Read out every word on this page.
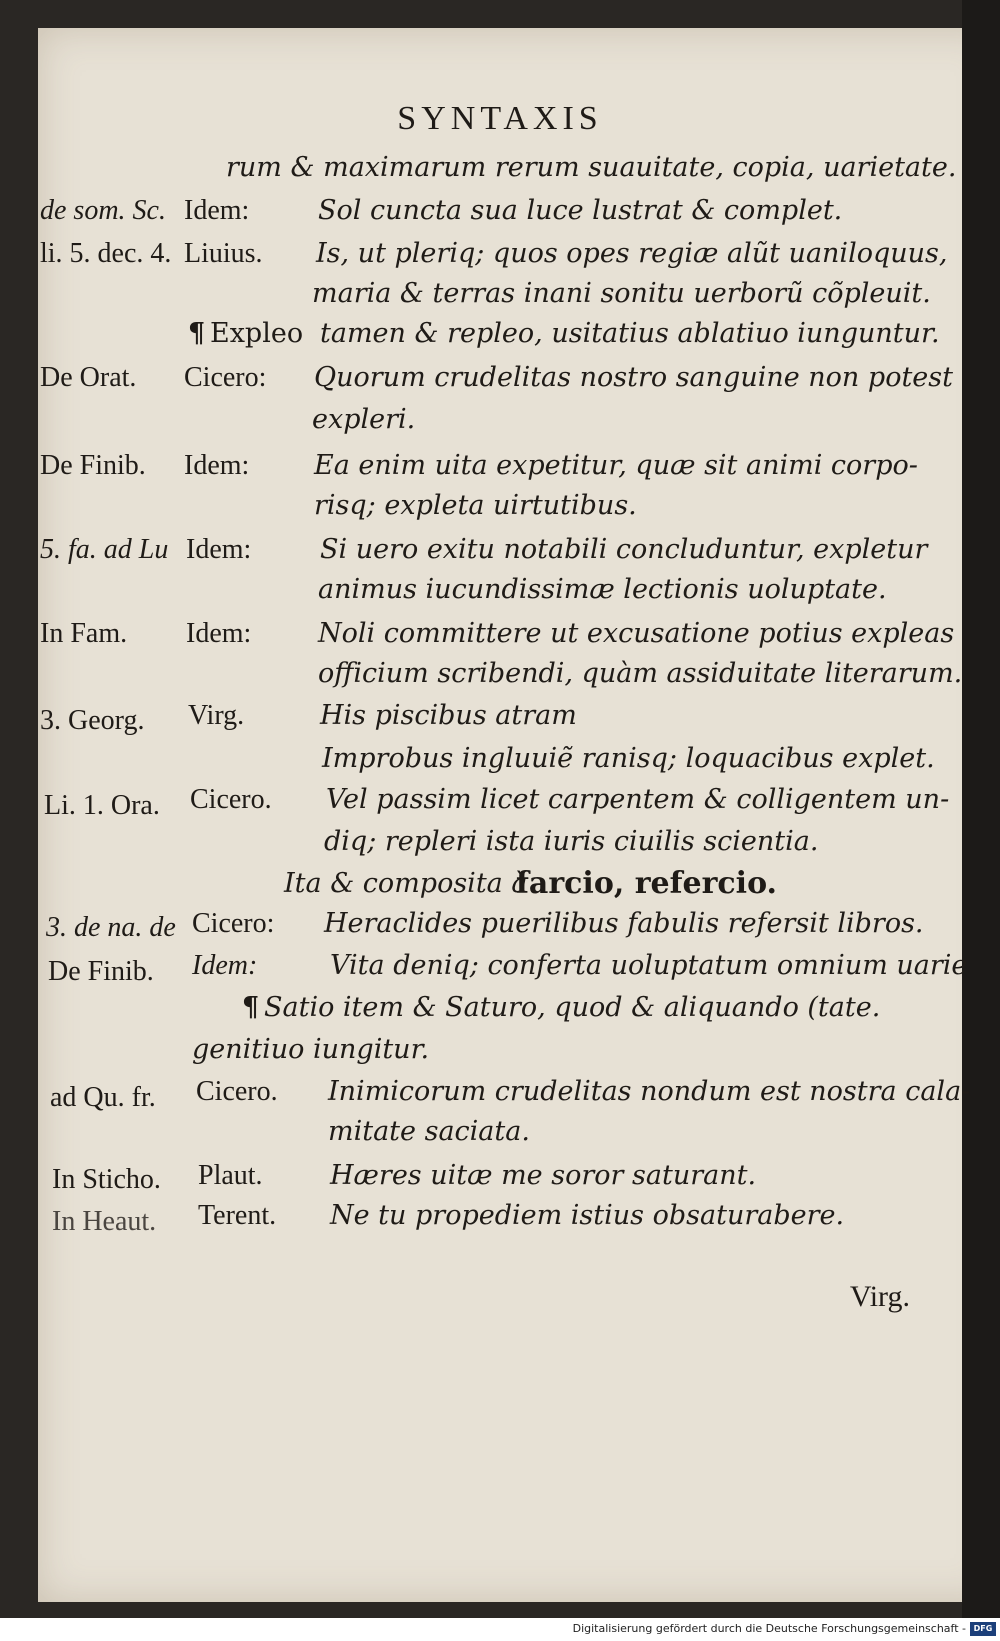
SYNTAXIS
rum & maximarum rerum suauitate, copia, uarietate.
de som. Sc. Idem:	Sol cuncta sua luce lustrat & complet.
li. 5. dec. 4. Liuius. Is, ut pleriq; quos opes regiæ alũt uaniloquus,
maria & terras inani sonitu uerborũ cõpleuit.
¶ Expleo tamen & repleo, usitatius ablatiuo iunguntur.
De Orat. Cicero: Quorum crudelitas nostro sanguine non potest
expleri.
De Finib. Idem: Ea enim uita expetitur, quæ sit animi corpo-
risq; expleta uirtutibus.
5. fa. ad Lu Idem:	Si uero exitu notabili concluduntur, expletur
animus iucundissimæ lectionis uoluptate.
In Fam. Idem: Noli committere ut excusatione potius expleas
officium scribendi, quàm assiduitate literarum.
3. Georg. Virg.	His piscibus atram
Improbus ingluuiẽ ranisq; loquacibus explet.
Li. 1. Ora. Cicero. Vel passim licet carpentem & colligentem un-
diq; repleri ista iuris ciuilis scientia.
Ita & composita à
farcio, refercio.
3. de na. de Cicero: Heraclides puerilibus fabulis refersit libros.
De Finib. Idem:	Vita deniq; conferta uoluptatum omnium uarie
¶ Satio item & Saturo, quod & aliquando (tate.
genitiuo iungitur.
ad Qu. fr. Cicero. Inimicorum crudelitas nondum est nostra cala-
mitate saciata.
In Sticho. Plaut. Hæres uitæ me soror saturant.
In Heaut. Terent. Ne tu propediem istius obsaturabere.
Virg.
Digitalisierung gefördert durch die Deutsche Forschungsgemeinschaft - DFG
